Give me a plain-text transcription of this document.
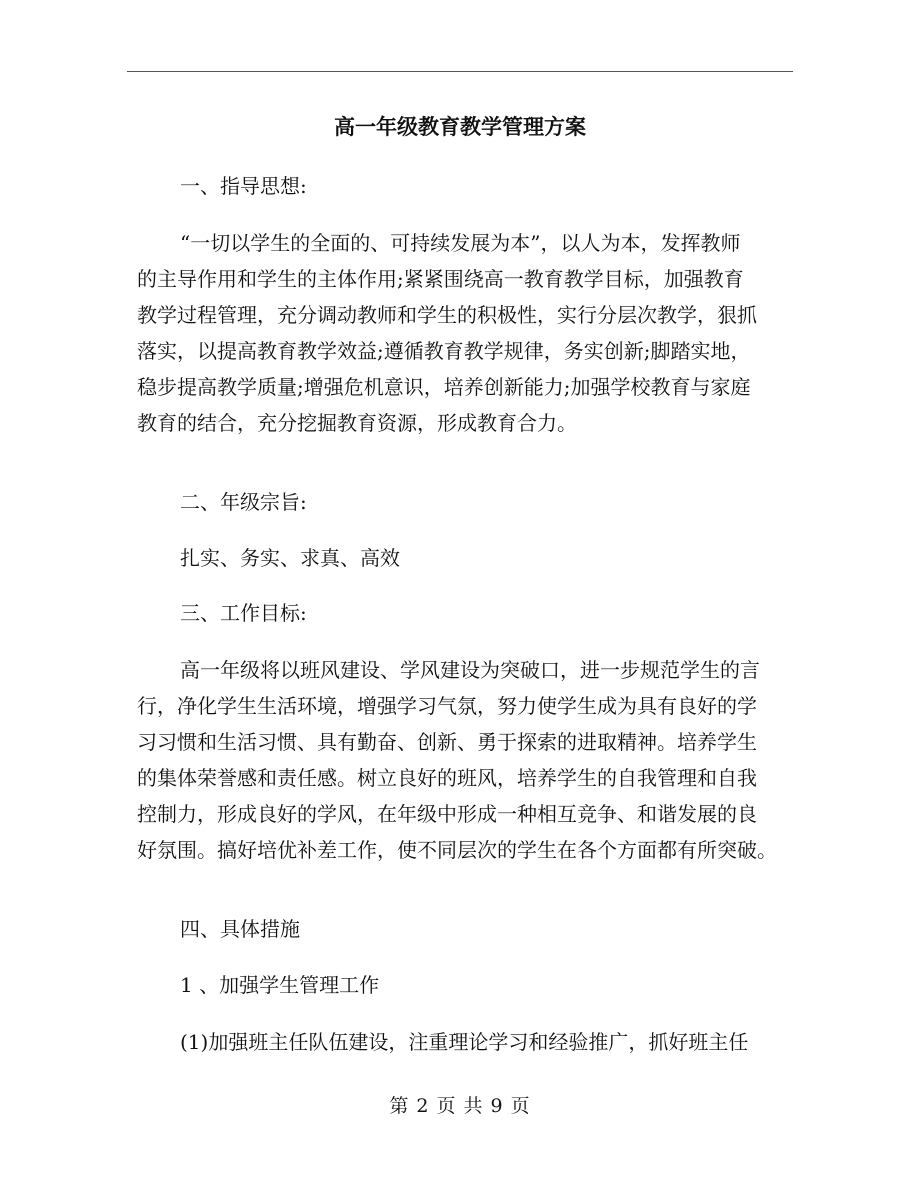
高一年级教育教学管理方案
一、指导思想:
“一切以学生的全面的、可持续发展为本”，以人为本，发挥教师
的主导作用和学生的主体作用;紧紧围绕高一教育教学目标，加强教育
教学过程管理，充分调动教师和学生的积极性，实行分层次教学，狠抓
落实，以提高教育教学效益;遵循教育教学规律，务实创新;脚踏实地，
稳步提高教学质量;增强危机意识，培养创新能力;加强学校教育与家庭
教育的结合，充分挖掘教育资源，形成教育合力。
二、年级宗旨:
扎实、务实、求真、高效
三、工作目标:
高一年级将以班风建设、学风建设为突破口，进一步规范学生的言
行，净化学生生活环境，增强学习气氛，努力使学生成为具有良好的学
习习惯和生活习惯、具有勤奋、创新、勇于探索的进取精神。培养学生
的集体荣誉感和责任感。树立良好的班风，培养学生的自我管理和自我
控制力，形成良好的学风，在年级中形成一种相互竞争、和谐发展的良
好氛围。搞好培优补差工作，使不同层次的学生在各个方面都有所突破。
四、具体措施
1 、加强学生管理工作
(1)加强班主任队伍建设，注重理论学习和经验推广，抓好班主任
第 2 页 共 9 页
